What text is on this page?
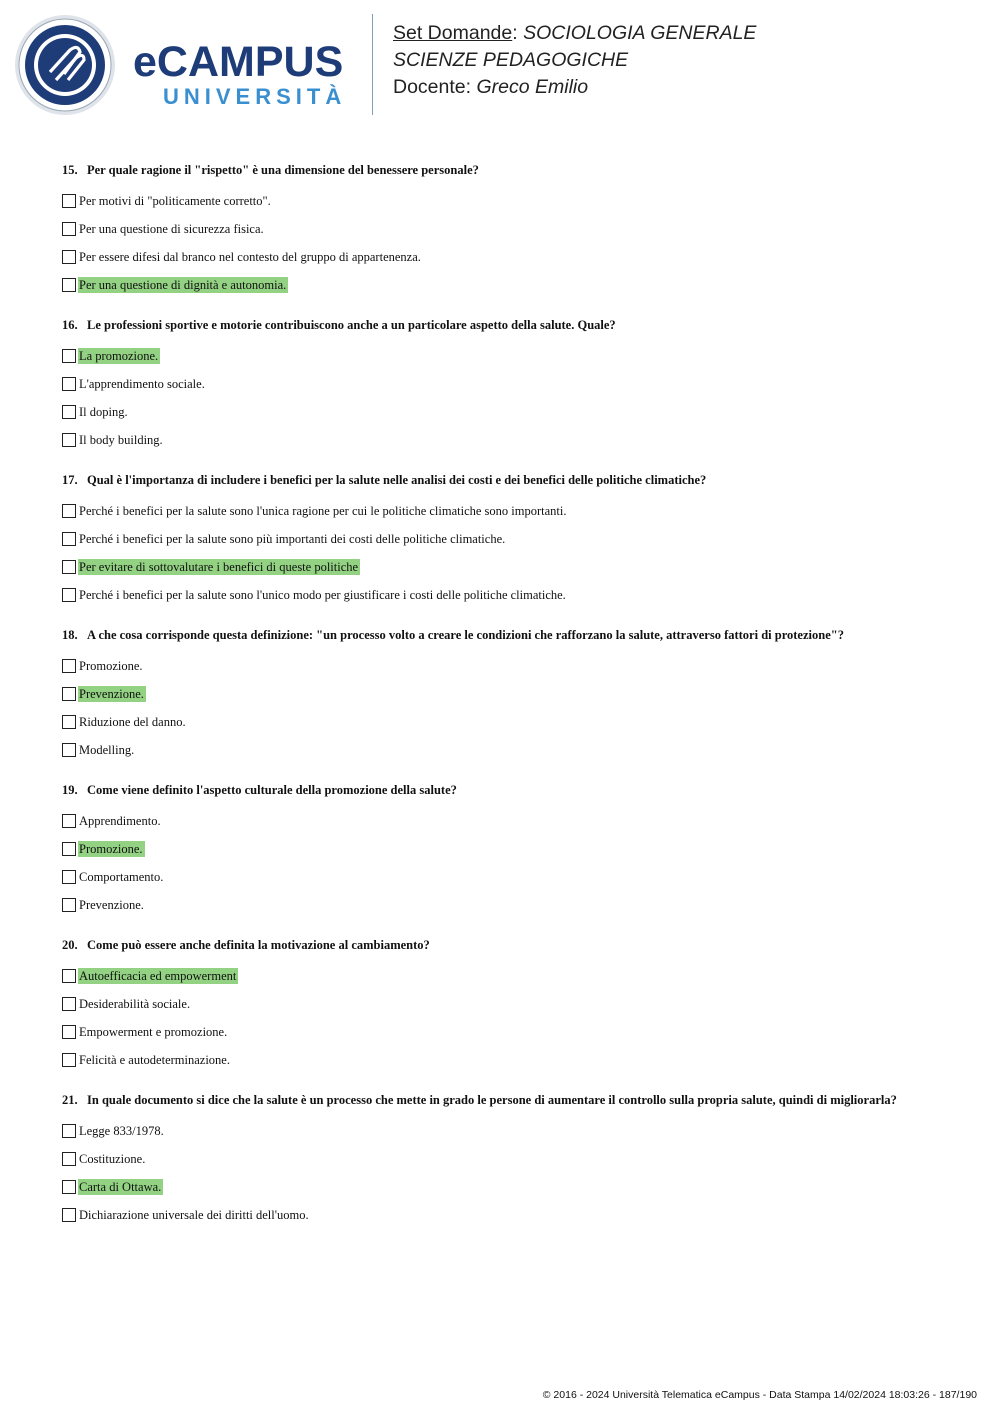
eCAMPUS
UNIVERSITÀ
Set Domande: SOCIOLOGIA GENERALE
SCIENZE PEDAGOGICHE
Docente: Greco Emilio
15. Per quale ragione il "rispetto" è una dimensione del benessere personale?
Per motivi di "politicamente corretto".
Per una questione di sicurezza fisica.
Per essere difesi dal branco nel contesto del gruppo di appartenenza.
Per una questione di dignità e autonomia.
16. Le professioni sportive e motorie contribuiscono anche a un particolare aspetto della salute. Quale?
La promozione.
L'apprendimento sociale.
Il doping.
Il body building.
17. Qual è l'importanza di includere i benefici per la salute nelle analisi dei costi e dei benefici delle politiche climatiche?
Perché i benefici per la salute sono l'unica ragione per cui le politiche climatiche sono importanti.
Perché i benefici per la salute sono più importanti dei costi delle politiche climatiche.
Per evitare di sottovalutare i benefici di queste politiche
Perché i benefici per la salute sono l'unico modo per giustificare i costi delle politiche climatiche.
18. A che cosa corrisponde questa definizione: "un processo volto a creare le condizioni che rafforzano la salute, attraverso fattori di protezione"?
Promozione.
Prevenzione.
Riduzione del danno.
Modelling.
19. Come viene definito l'aspetto culturale della promozione della salute?
Apprendimento.
Promozione.
Comportamento.
Prevenzione.
20. Come può essere anche definita la motivazione al cambiamento?
Autoefficacia ed empowerment
Desiderabilità sociale.
Empowerment e promozione.
Felicità e autodeterminazione.
21. In quale documento si dice che la salute è un processo che mette in grado le persone di aumentare il controllo sulla propria salute, quindi di migliorarla?
Legge 833/1978.
Costituzione.
Carta di Ottawa.
Dichiarazione universale dei diritti dell'uomo.
© 2016 - 2024 Università Telematica eCampus - Data Stampa 14/02/2024 18:03:26 - 187/190
